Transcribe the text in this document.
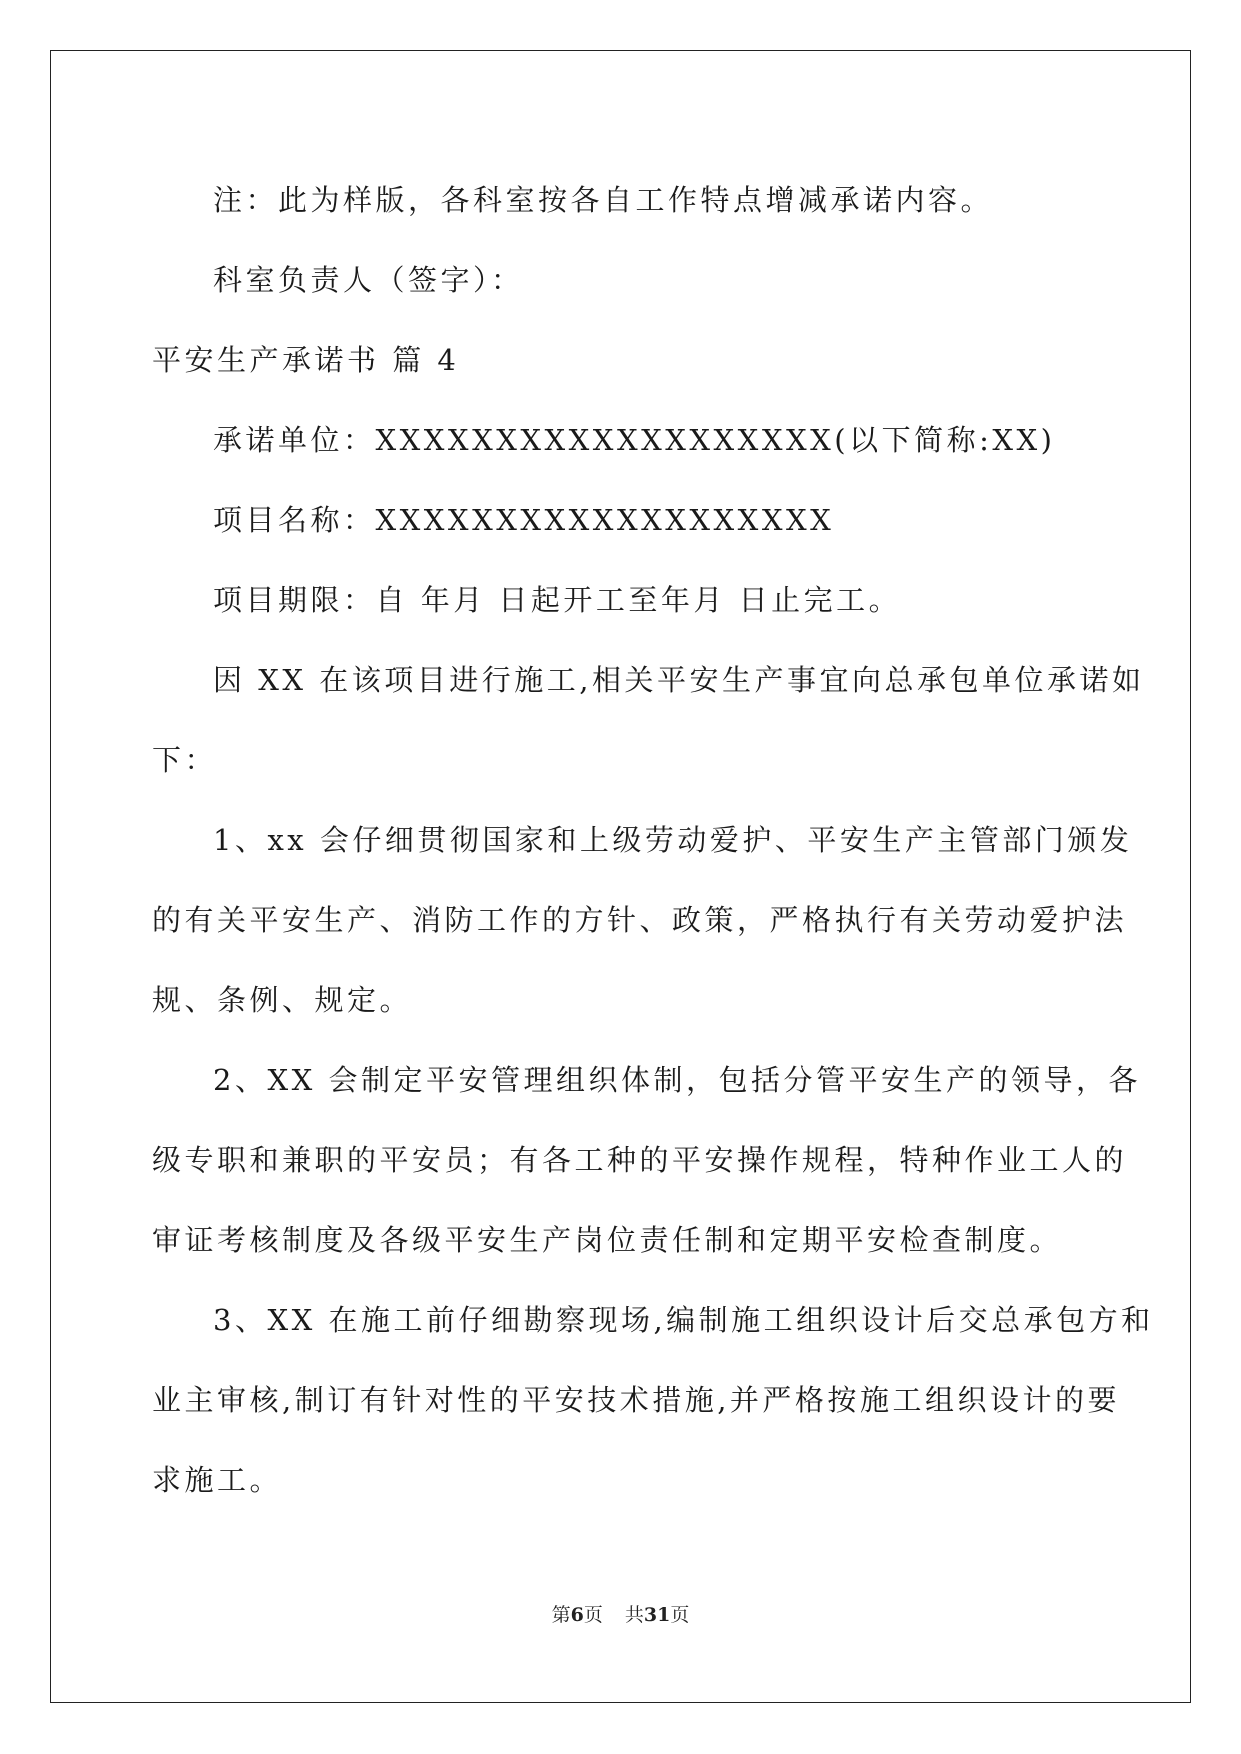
注：此为样版，各科室按各自工作特点增减承诺内容。
科室负责人（签字）：
平安生产承诺书 篇 4
承诺单位：XXXXXXXXXXXXXXXXXXX(以下简称:XX)
项目名称：XXXXXXXXXXXXXXXXXXX
项目期限：自 年月 日起开工至年月 日止完工。
因 XX 在该项目进行施工,相关平安生产事宜向总承包单位承诺如
下：
1、xx 会仔细贯彻国家和上级劳动爱护、平安生产主管部门颁发
的有关平安生产、消防工作的方针、政策，严格执行有关劳动爱护法
规、条例、规定。
2、XX 会制定平安管理组织体制，包括分管平安生产的领导，各
级专职和兼职的平安员；有各工种的平安操作规程，特种作业工人的
审证考核制度及各级平安生产岗位责任制和定期平安检查制度。
3、XX 在施工前仔细勘察现场,编制施工组织设计后交总承包方和
业主审核,制订有针对性的平安技术措施,并严格按施工组织设计的要
求施工。
第6页 共31页
